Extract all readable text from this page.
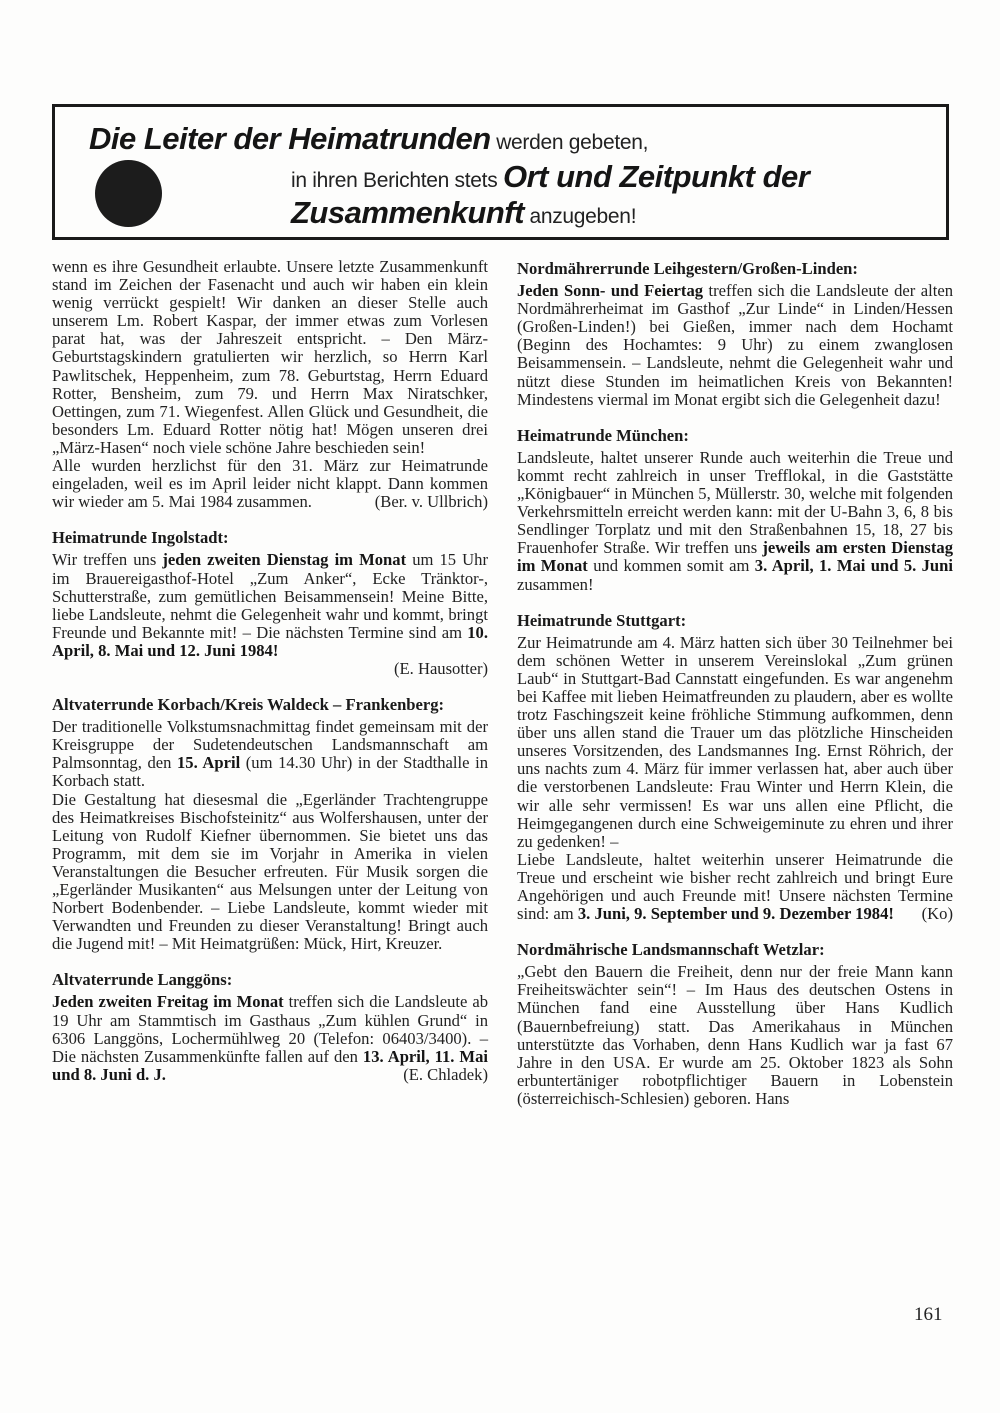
Die Leiter der Heimatrunden werden gebeten,
in ihren Berichten stets Ort und Zeitpunkt der
Zusammenkunft anzugeben!

wenn es ihre Gesundheit erlaubte. Unsere letzte Zusammenkunft stand im Zeichen der Fasenacht und auch wir haben ein klein wenig verrückt gespielt! Wir danken an dieser Stelle auch unserem Lm. Robert Kaspar, der immer etwas zum Vorlesen parat hat, was der Jahreszeit entspricht. – Den März-Geburtstagskindern gratulierten wir herzlich, so Herrn Karl Pawlitschek, Heppenheim, zum 78. Geburtstag, Herrn Eduard Rotter, Bensheim, zum 79. und Herrn Max Niratschker, Oettingen, zum 71. Wiegenfest. Allen Glück und Gesundheit, die besonders Lm. Eduard Rotter nötig hat! Mögen unseren drei „März-Hasen“ noch viele schöne Jahre beschieden sein!

Alle wurden herzlichst für den 31. März zur Heimatrunde eingeladen, weil es im April leider nicht klappt. Dann kommen wir wieder am 5. Mai 1984 zusammen.	(Ber. v. Ullbrich)

Heimatrunde Ingolstadt:

Wir treffen uns jeden zweiten Dienstag im Monat um 15 Uhr im Brauereigasthof-Hotel „Zum Anker“, Ecke Tränktor-, Schutterstraße, zum gemütlichen Beisammensein! Meine Bitte, liebe Landsleute, nehmt die Gelegenheit wahr und kommt, bringt Freunde und Bekannte mit! – Die nächsten Termine sind am 10. April, 8. Mai und 12. Juni 1984!

(E. Hausotter)
Altvaterrunde Korbach/Kreis Waldeck – Frankenberg:

Der traditionelle Volkstumsnachmittag findet gemeinsam mit der Kreisgruppe der Sudetendeutschen Landsmannschaft am Palmsonntag, den 15. April (um 14.30 Uhr) in der Stadthalle in Korbach statt.

Die Gestaltung hat diesesmal die „Egerländer Trachtengruppe des Heimatkreises Bischofsteinitz“ aus Wolfershausen, unter der Leitung von Rudolf Kiefner übernommen. Sie bietet uns das Programm, mit dem sie im Vorjahr in Amerika in vielen Veranstaltungen die Besucher erfreuten. Für Musik sorgen die „Egerländer Musikanten“ aus Melsungen unter der Leitung von Norbert Bodenbender. – Liebe Landsleute, kommt wieder mit Verwandten und Freunden zu dieser Veranstaltung! Bringt auch die Jugend mit! – Mit Heimatgrüßen: Mück, Hirt, Kreuzer.

Altvaterrunde Langgöns:

Jeden zweiten Freitag im Monat treffen sich die Landsleute ab 19 Uhr am Stammtisch im Gasthaus „Zum kühlen Grund“ in 6306 Langgöns, Lochermühlweg 20 (Telefon: 06403/3400). – Die nächsten Zusammenkünfte fallen auf den 13. April, 11. Mai und 8. Juni d. J.	(E. Chladek)

Nordmährerrunde Leihgestern/Großen-Linden:

Jeden Sonn- und Feiertag treffen sich die Landsleute der alten Nordmährerheimat im Gasthof „Zur Linde“ in Linden/Hessen (Großen-Linden!) bei Gießen, immer nach dem Hochamt (Beginn des Hochamtes: 9 Uhr) zu einem zwanglosen Beisammensein. – Landsleute, nehmt die Gelegenheit wahr und nützt diese Stunden im heimatlichen Kreis von Bekannten! Mindestens viermal im Monat ergibt sich die Gelegenheit dazu!

Heimatrunde München:

Landsleute, haltet unserer Runde auch weiterhin die Treue und kommt recht zahlreich in unser Trefflokal, in die Gaststätte „Königbauer“ in München 5, Müllerstr. 30, welche mit folgenden Verkehrsmitteln erreicht werden kann: mit der U-Bahn 3, 6, 8 bis Sendlinger Torplatz und mit den Straßenbahnen 15, 18, 27 bis Frauenhofer Straße. Wir treffen uns jeweils am ersten Dienstag im Monat und kommen somit am 3. April, 1. Mai und 5. Juni zusammen!

Heimatrunde Stuttgart:

Zur Heimatrunde am 4. März hatten sich über 30 Teilnehmer bei dem schönen Wetter in unserem Vereinslokal „Zum grünen Laub“ in Stuttgart-Bad Cannstatt eingefunden. Es war angenehm bei Kaffee mit lieben Heimatfreunden zu plaudern, aber es wollte trotz Faschingszeit keine fröhliche Stimmung aufkommen, denn über uns allen stand die Trauer um das plötzliche Hinscheiden unseres Vorsitzenden, des Landsmannes Ing. Ernst Röhrich, der uns nachts zum 4. März für immer verlassen hat, aber auch über die verstorbenen Landsleute: Frau Winter und Herrn Klein, die wir alle sehr vermissen! Es war uns allen eine Pflicht, die Heimgegangenen durch eine Schweigeminute zu ehren und ihrer zu gedenken! –

Liebe Landsleute, haltet weiterhin unserer Heimatrunde die Treue und erscheint wie bisher recht zahlreich und bringt Eure Angehörigen und auch Freunde mit! Unsere nächsten Termine sind: am 3. Juni, 9. September und 9. Dezember 1984! (Ko)

Nordmährische Landsmannschaft Wetzlar:

„Gebt den Bauern die Freiheit, denn nur der freie Mann kann Freiheitswächter sein“! – Im Haus des deutschen Ostens in München fand eine Ausstellung über Hans Kudlich (Bauernbefreiung) statt. Das Amerikahaus in München unterstützte das Vorhaben, denn Hans Kudlich war ja fast 67 Jahre in den USA. Er wurde am 25. Oktober 1823 als Sohn erbuntertäniger robotpflichtiger Bauern in Lobenstein (österreichisch-Schlesien) geboren. Hans

161
